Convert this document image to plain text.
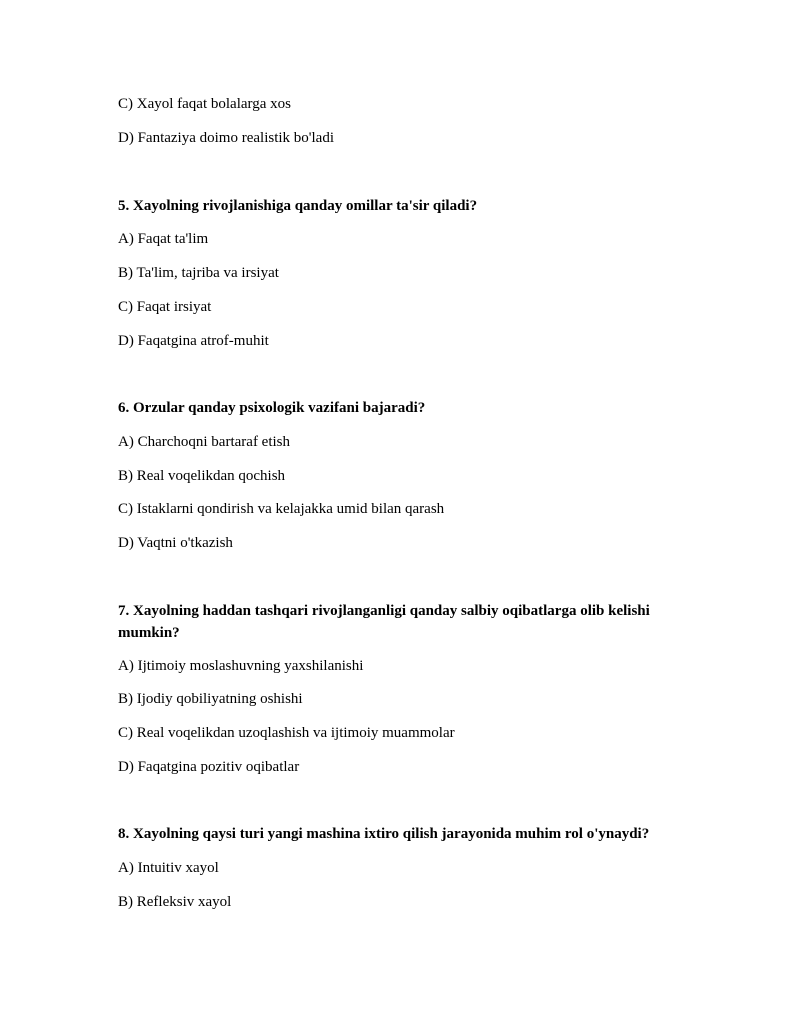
C) Xayol faqat bolalarga xos

D) Fantaziya doimo realistik bo'ladi

5. Xayolning rivojlanishiga qanday omillar ta'sir qiladi?

A) Faqat ta'lim

B) Ta'lim, tajriba va irsiyat

C) Faqat irsiyat

D) Faqatgina atrof-muhit

6. Orzular qanday psixologik vazifani bajaradi?

A) Charchoqni bartaraf etish

B) Real voqelikdan qochish

C) Istaklarni qondirish va kelajakka umid bilan qarash

D) Vaqtni o'tkazish

7. Xayolning haddan tashqari rivojlanganligi qanday salbiy oqibatlarga olib kelishi mumkin?

A) Ijtimoiy moslashuvning yaxshilanishi

B) Ijodiy qobiliyatning oshishi

C) Real voqelikdan uzoqlashish va ijtimoiy muammolar

D) Faqatgina pozitiv oqibatlar

8. Xayolning qaysi turi yangi mashina ixtiro qilish jarayonida muhim rol o'ynaydi?

A) Intuitiv xayol

B) Refleksiv xayol
